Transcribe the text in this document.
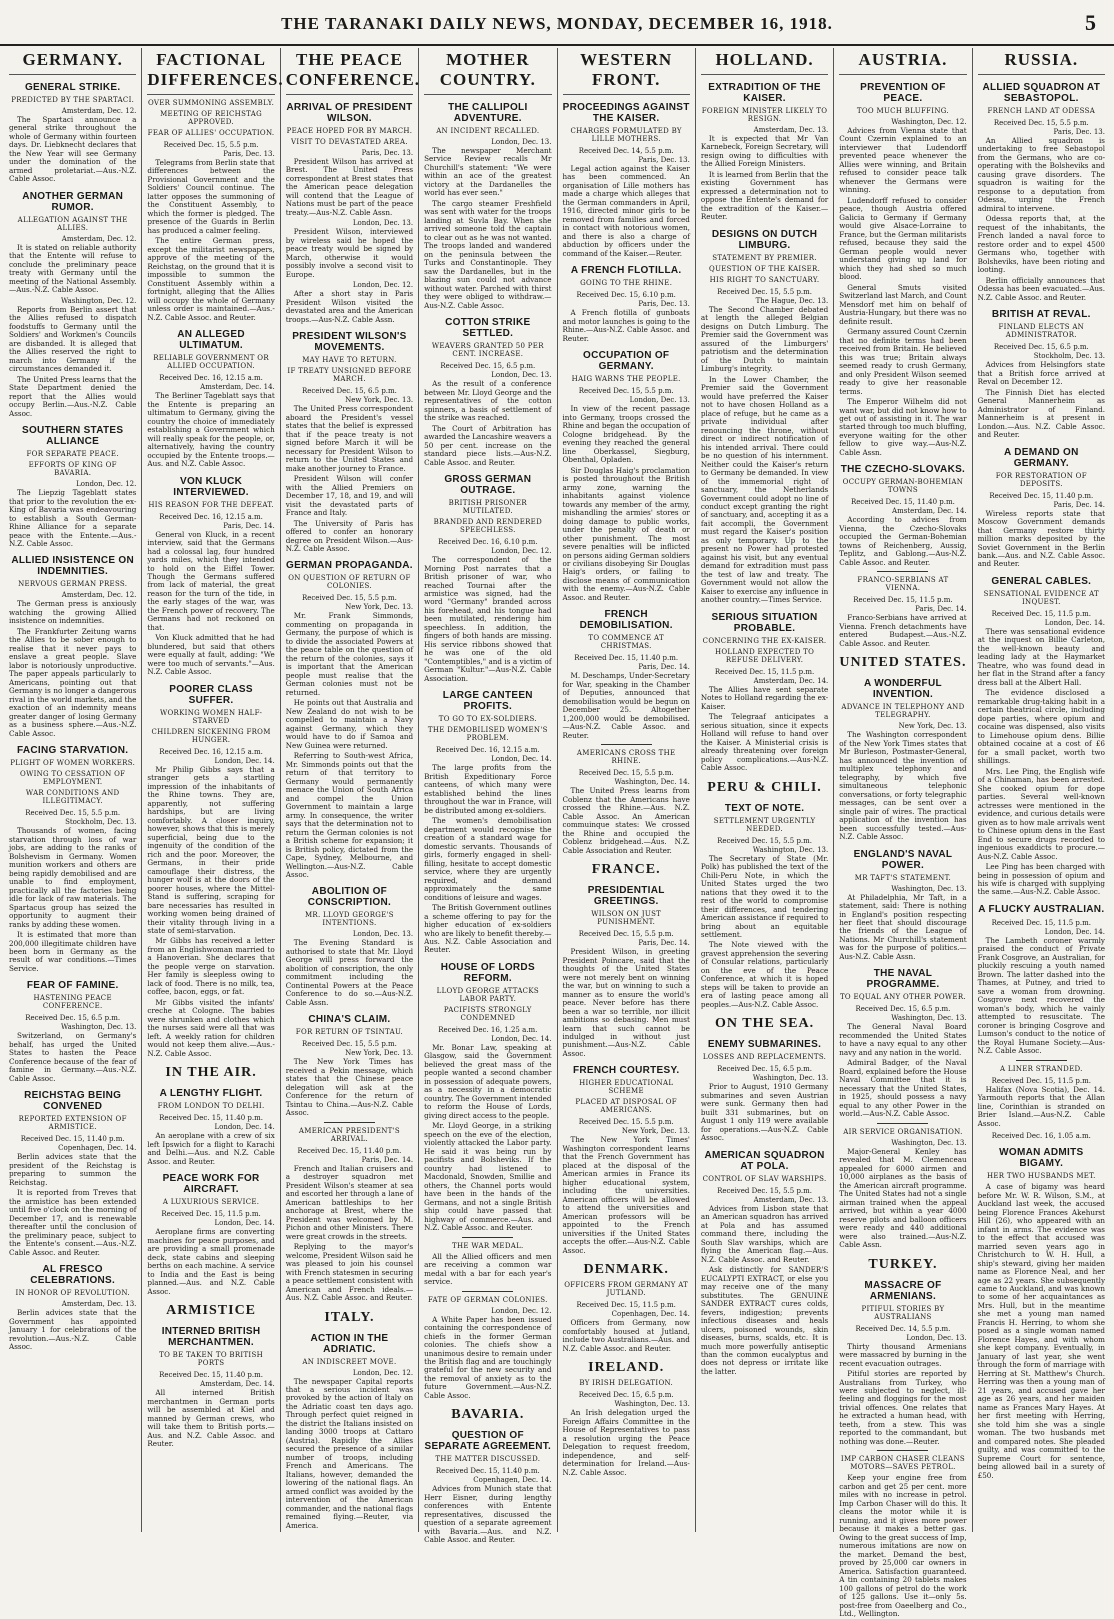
THE TARANAKI DAILY NEWS, MONDAY, DECEMBER 16, 1918.	5
GERMANY.
GENERAL STRIKE.
PREDICTED BY THE SPARTACI.
Amsterdam, Dec. 12.
The Spartaci announce a general strike throughout the whole of Germany within fourteen days. Dr. Liebknecht declares that the New Year will see Germany under the domination of the armed proletariat.—Aus.-N.Z. Cable Assoc.
ANOTHER GERMAN RUMOR.
ALLEGATION AGAINST THE ALLIES.
Amsterdam, Dec. 12.
It is stated on reliable authority that the Entente will refuse to conclude the preliminary peace treaty with Germany until the meeting of the National Assembly.—Aus.-N.Z. Cable Assoc.
Washington, Dec. 12.
Reports from Berlin assert that the Allies refused to dispatch foodstuffs to Germany until the Soldiers' and Workmen's Councils are disbanded. It is alleged that the Allies reserved the right to march into Germany if the circumstances demanded it.
The United Press learns that the State Department denied the report that the Allies would occupy Berlin.—Aus.-N.Z. Cable Assoc.
SOUTHERN STATES ALLIANCE
FOR SEPARATE PEACE.
EFFORTS OF KING OF BAVARIA.
London, Dec. 12.
The Liepzig Tageblatt states that prior to the revolution the ex-King of Bavaria was endeavouring to establish a South German-Rhine Alliance for a separate peace with the Entente.—Aus.-N.Z. Cable Assoc.
ALLIED INSISTENCE ON INDEMNITIES.
NERVOUS GERMAN PRESS.
Amsterdam, Dec. 12.
The German press is anxiously watching the growing Allied insistence on indemnities.
The Frankfurter Zeitung warns the Allies to be sober enough to realise that it never pays to enslave a great people. Slave labor is notoriously unproductive. The paper appeals particularly to Americans, pointing out that Germany is no longer a dangerous rival in the world markets, and the exaction of an indemnity means greater danger of losing Germany as a business sphere.—Aus.-N.Z. Cable Assoc.
FACING STARVATION.
PLIGHT OF WOMEN WORKERS.
OWING TO CESSATION OF EMPLOYMENT.
WAR CONDITIONS AND ILLEGITIMACY.
Received Dec. 15, 5.5 p.m.
Stockholm, Dec. 13.
Thousands of women, facing starvation through loss of war jobs, are adding to the ranks of Bolshevism in Germany. Women munition workers and others are being rapidly demobilised and are unable to find employment, practically all the factories being idle for lack of raw materials. The Spartacus group has seized the opportunity to augment their ranks by adding these women.
It is estimated that more than 200,000 illegitimate children have been born in Germany as the result of war conditions.—Times Service.
FEAR OF FAMINE.
HASTENING PEACE CONFERENCE.
Received Dec. 15, 6.5 p.m.
Washington, Dec. 13.
Switzerland, on Germany's behalf, has urged the United States to hasten the Peace Conference because of the fear of famine in Germany.—Aus.-N.Z. Cable Assoc.
REICHSTAG BEING CONVENED
REPORTED EXTENSION OF ARMISTICE.
Received Dec. 15, 11.40 p.m.
Copenhagen, Dec. 14.
Berlin advices state that the president of the Reichstag is preparing to summon the Reichstag.
It is reported from Treves that the armistice has been extended until five o'clock on the morning of December 17, and is renewable thereafter until the conclusion of the preliminary peace, subject to the Entente's consent.—Aus.-N.Z. Cable Assoc. and Reuter.
AL FRESCO CELEBRATIONS.
IN HONOR OF REVOLUTION.
Amsterdam, Dec. 13.
Berlin advices state that the Government has appointed January 1 for celebrations of the revolution.—Aus.-N.Z. Cable Assoc.
FACTIONAL DIFFERENCES.
OVER SUMMONING ASSEMBLY.
MEETING OF REICHSTAG APPROVED.
FEAR OF ALLIES' OCCUPATION.
Received Dec. 15, 5.5 p.m.
Paris, Dec. 13.
Telegrams from Berlin state that differences between the Provisional Government and the Soldiers' Council continue. The latter opposes the summoning of the Constituent Assembly, to which the former is pledged. The presence of the Guards in Berlin has produced a calmer feeling.
The entire German press, except the militarist newspapers, approve of the meeting of the Reichstag, on the ground that it is impossible to summon the Constituent Assembly within a fortnight, alleging that the Allies will occupy the whole of Germany unless order is maintained.—Aus.-N.Z. Cable Assoc. and Reuter.
AN ALLEGED ULTIMATUM.
RELIABLE GOVERNMENT OR ALLIED OCCUPATION.
Received Dec. 16, 12.15 a.m.
Amsterdam, Dec. 14.
The Berliner Tageblatt says that the Entente is preparing an ultimatum to Germany, giving the country the choice of immediately establishing a Government which will really speak for the people, or, alternatively, having the country occupied by the Entente troops.—Aus. and N.Z. Cable Assoc.
VON KLUCK INTERVIEWED.
HIS REASON FOR THE DEFEAT.
Received Dec. 16, 12.15 a.m.
Paris, Dec. 14.
General von Kluck, in a recent interview, said that the Germans had a colossal lag, four hundred yards miles, which they intended to hold on the Eiffel Tower. Though the Germans suffered from lack of material, the great reason for the turn of the tide, in the early stages of the war, was the French power of recovery. The Germans had not reckoned on that.
Von Kluck admitted that he had blundered, but said that others were equally at fault, adding: "We were too much of servants."—Aus. N.Z. Cable Assoc.
POORER CLASS SUFFER.
WORKING WOMEN HALF-STARVED
CHILDREN SICKENING FROM HUNGER.
Received Dec. 16, 12.15 a.m.
London, Dec. 14.
Mr Philip Gibbs says that a stranger gets a startling impression of the inhabitants of the Rhine towns. They are, apparently, not suffering hardships, but are living comfortably. A closer inquiry, however, shows that this is merely superficial, being due to the ingenuity of the condition of the rich and the poor. Moreover, the Germans, in their pride camouflage their distress, the hunger wolf is at the doors of the poorer houses, where the Mittel-Stand is suffering, scraping for bare necessaries has resulted in working women being drained of their vitality through living in a state of semi-starvation.
Mr Gibbs has received a letter from an Englishwoman married to a Hanoverian. She declares that the people verge on starvation. Her family is sleepless owing to lack of food. There is no milk, tea, coffee, bacon, eggs, or fat.
Mr Gibbs visited the infants' creche at Cologne. The babies were shrunken and clothes which the nurses said were all that was left. A weekly ration for children would not keep them alive.—Aus.-N.Z. Cable Assoc.
IN THE AIR.
A LENGTHY FLIGHT.
FROM LONDON TO DELHI.
Received Dec. 15, 11.40 p.m.
London, Dec. 14.
An aeroplane with a crew of six left Ipswich for a flight to Karachi and Delhi.—Aus. and N.Z. Cable Assoc. and Reuter.
PEACE WORK FOR AIRCRAFT.
A LUXURIOUS SERVICE.
Received Dec. 15, 11.5 p.m.
London, Dec. 14.
Aeroplane firms are converting machines for peace purposes, and are providing a small promenade deck, state cabins and sleeping berths on each machine. A service to India and the East is being planned.—Aus. and N.Z. Cable Assoc.
ARMISTICE
INTERNED BRITISH MERCHANTMEN.
TO BE TAKEN TO BRITISH PORTS
Received Dec. 15, 11.40 p.m.
Amsterdam, Dec. 14.
All interned British merchantmen in German ports will be assembled at Kiel and manned by German crews, who will take them to British ports.—Aus. and N.Z. Cable Assoc. and Reuter.
THE PEACE CONFERENCE.
ARRIVAL OF PRESIDENT WILSON.
PEACE HOPED FOR BY MARCH.
VISIT TO DEVASTATED AREA.
Paris, Dec. 13.
President Wilson has arrived at Brest. The United Press correspondent at Brest states that the American peace delegation will contend that the League of Nations must be part of the peace treaty.—Aus-N.Z. Cable Assn.
London, Dec. 13.
President Wilson, interviewed by wireless said he hoped the peace treaty would be signed by March, otherwise it would possibly involve a second visit to Europe.
London, Dec. 12.
After a short stay in Paris President Wilson visited the devastated area and the American troops.—Aus-N.Z. Cable Assn.
PRESIDENT WILSON'S MOVEMENTS.
MAY HAVE TO RETURN.
IF TREATY UNSIGNED BEFORE MARCH.
Received Dec. 15, 6.5 p.m.
New York, Dec. 13.
The United Press correspondent aboard the President's vessel states that the belief is expressed that if the peace treaty is not signed before March it will be necessary for President Wilson to return to the United States and make another journey to France.
President Wilson will confer with the Allied Premiers on December 17, 18, and 19, and will visit the devastated parts of France and Italy.
The University of Paris has offered to confer an honorary degree on President Wilson.—Aus-N.Z. Cable Assoc.
GERMAN PROPAGANDA.
ON QUESTION OF RETURN OF COLONIES.
Received Dec. 15, 5.5 p.m.
New York, Dec. 13.
Mr. Frank Simmonds, commenting on propaganda in Germany, the purpose of which is to divide the associated Powers at the peace table on the question of the return of the colonies, says it is important that the American people must realise that the German colonies must not be returned.
He points out that Australia and New Zealand do not wish to be compelled to maintain a Navy against Germany, which they would have to do if Samoa and New Guinea were returned.
Referring to South-west Africa, Mr. Simmonds points out that the return of that territory to Germany would permanently menace the Union of South Africa and compel the Union Government to maintain a large army. In consequence, the writer says that the determination not to return the German colonies is not a British scheme for expansion; it is British policy, dictated from the Cape, Sydney, Melbourne, and Wellington.—Aus-N.Z. Cable Assoc.
ABOLITION OF CONSCRIPTION.
MR. LLOYD GEORGE'S INTENTIONS.
London, Dec. 13.
The Evening Standard is authorised to state that Mr. Lloyd George will press forward the abolition of conscription, the only commitment including the Continental Powers at the Peace Conference to do so.—Aus-N.Z. Cable Assn.
CHINA'S CLAIM.
FOR RETURN OF TSINTAU.
Received Dec. 15, 5.5 p.m.
New York, Dec. 13.
The New York Times has received a Pekin message, which states that the Chinese peace delegation will ask at the Conference for the return of Tsintau to China.—Aus-N.Z. Cable Assoc.
AMERICAN PRESIDENT'S ARRIVAL.
Received Dec. 15, 11.40 p.m.
Paris, Dec. 14.
French and Italian cruisers and a destroyer squadron met President Wilson's steamer at sea and escorted her through a lane of American battleships to her anchorage at Brest, where the President was welcomed by M. Pichon and other Ministers. There were great crowds in the streets.
Replying to the mayor's welcome, President Wilson said he was pleased to join his counsel with French statesmen in securing a peace settlement consistent with American and French ideals.—Aus. N.Z. Cable Assoc. and Reuter.
ITALY.
ACTION IN THE ADRIATIC.
AN INDISCREET MOVE.
London, Dec. 12.
The newspaper Capital reports that a serious incident was provoked by the action of Italy on the Adriatic coast ten days ago. Through perfect quiet reigned in the district the Italians insisted on landing 3000 troops at Cattaro (Austria). Rapidly the Allies secured the presence of a similar number of troops, including French and Americans. The Italians, however, demanded the lowering of the national flags. An armed conflict was avoided by the intervention of the American commander, and the national flags remained flying.—Reuter, via America.
MOTHER COUNTRY.
THE CALLIPOLI ADVENTURE.
AN INCIDENT RECALLED.
London, Dec. 13.
The newspaper Merchant Service Review recalls Mr Churchill's statement: "We were within an ace of the greatest victory at the Dardanelles the world has ever seen."
The cargo steamer Freshfield was sent with water for the troops landing at Suvla Bay. When she arrived someone told the captain to clear out as he was not wanted. The troops landed and wandered on the peninsula between the Turks and Constantinople. They saw the Dardanelles, but in the blazing sun could not advance without water. Parched with thirst they were obliged to withdraw.—Aus-N.Z. Cable Assoc.
COTTON STRIKE SETTLED.
WEAVERS GRANTED 50 PER CENT. INCREASE.
Received Dec. 15, 6.5 p.m.
London, Dec. 13.
As the result of a conference between Mr. Lloyd George and the representatives of the cotton spinners, a basis of settlement of the strike was reached.
The Court of Arbitration has awarded the Lancashire weavers a 50 per cent. increase on the standard piece lists.—Aus-N.Z. Cable Assoc. and Reuter.
GROSS GERMAN OUTRAGE.
BRITISH PRISONER MUTILATED.
BRANDED AND RENDERED SPEECHLESS.
Received Dec. 16, 6.10 p.m.
London, Dec. 12.
The correspondent of the Morning Post narrates that a British prisoner of war, who reached Tournai after the armistice was signed, had the word "Germany" branded across his forehead, and his tongue had been mutilated, rendering him speechless. In addition, the fingers of both hands are missing. His service ribbons showed that he was one of the old "Contemptibles," and is a victim of German "Kultur."—Aus-N.Z. Cable Association.
LARGE CANTEEN PROFITS.
TO GO TO EX-SOLDIERS.
THE DEMOBILISED WOMEN'S PROBLEM.
Received Dec. 16, 12.15 a.m.
London, Dec. 14.
The large profits from the British Expeditionary Force canteens, of which many were established behind the lines throughout the war in France, will be distributed among ex-soldiers.
The women's demobilisation department would recognise the creation of a standard wage for domestic servants. Thousands of girls, formerly engaged in shell-filling, hesitate to accept domestic service, where they are urgently required, and demand approximately the same conditions of leisure and wages.
The British Government outlines a scheme offering to pay for the higher education of ex-soldiers who are likely to benefit thereby.—Aus. N.Z. Cable Association and Reuter.
HOUSE OF LORDS REFORM.
LLOYD GEORGE ATTACKS LABOR PARTY.
PACIFISTS STRONGLY CONDEMNED
Received Dec. 16, 1.25 a.m.
London, Dec. 14.
Mr. Bonar Law, speaking at Glasgow, said the Government believed the great mass of the people wanted a second chamber in possession of adequate powers, as a necessity in a democratic country. The Government intended to reform the House of Lords, giving direct access to the people.
Mr. Lloyd George, in a striking speech on the eve of the election, violently attacked the Labor party. He said it was being run by pacifists and Bolsheviks. If the country had listened to Macdonald, Snowden, Smillie and others, the Channel ports would have been in the hands of the Germans, and not a single British ship could have passed that highway of commerce.—Aus. and N.Z. Cable Assoc. and Reuter.
THE WAR MEDAL.
All the Allied officers and men are receiving a common war medal with a bar for each year's service.
FATE OF GERMAN COLONIES.
London, Dec. 12.
A White Paper has been issued containing the correspondence of chiefs in the former German colonies. The chiefs show a unanimous desire to remain under the British flag and are touchingly grateful for the new security and the removal of anxiety as to the future Government.—Aus-N.Z. Cable Assoc.
BAVARIA.
QUESTION OF SEPARATE AGREEMENT.
THE MATTER DISCUSSED.
Received Dec. 15, 11.40 p.m.
Copenhagen, Dec. 14.
Advices from Munich state that Herr Eisner, during lengthy conferences with Entente representatives, discussed the question of a separate agreement with Bavaria.—Aus. and N.Z. Cable Assoc. and Reuter.
WESTERN FRONT.
PROCEEDINGS AGAINST THE KAISER.
CHARGES FORMULATED BY LILLE MOTHERS.
Received Dec. 14, 5.5 p.m.
Paris, Dec. 13.
Legal action against the Kaiser has been commenced. An organisation of Lille mothers has made a charge which alleges that the German commanders in April, 1916, directed minor girls to be removed from families and forced in contact with notorious women, and there is also a charge of abduction by officers under the command of the Kaiser.—Reuter.
A FRENCH FLOTILLA.
GOING TO THE RHINE.
Received Dec. 15, 6.10 p.m.
Paris, Dec. 13.
A French flotilla of gunboats and motor launches is going to the Rhine.—Aus-N.Z. Cable Assoc. and Reuter.
OCCUPATION OF GERMANY.
HAIG WARNS THE PEOPLE.
Received Dec. 15, 5.5 p.m.
London, Dec. 13.
In view of the recent passage into Germany, troops crossed the Rhine and began the occupation of Cologne bridgehead. By the evening they reached the general line Oberkassel, Siegburg, Obenthal, Opladen.
Sir Douglas Haig's proclamation is posted throughout the British army zone, warning the inhabitants against violence towards any member of the army, mishandling the armies' stores or doing damage to public works, under the penalty of death or other punishment. The most severe penalties will be inflicted on persons aiding German soldiers or civilians disobeying Sir Douglas Haig's orders, or failing to disclose means of communication with the enemy.—Aus-N.Z. Cable Assoc. and Reuter.
FRENCH DEMOBILISATION.
TO COMMENCE AT CHRISTMAS.
Received Dec. 15, 11.40 p.m.
Paris, Dec. 14.
M. Deschamps, Under-Secretary for War, speaking in the Chamber of Deputies, announced that demobilisation would be begun on December 25. Altogether 1,200,000 would be demobilised.—Aus-N.Z. Cable Assoc. and Reuter.
AMERICANS CROSS THE RHINE.
Received Dec. 15, 5.5 p.m.
Washington, Dec. 14.
The United Press learns from Coblenz that the Americans have crossed the Rhine.—Aus. N.Z. Cable Assoc. An American commuinque states: We crossed the Rhine and occupied the Coblenz bridgehead.—Aus. N.Z. Cable Association and Reuter.
FRANCE.
PRESIDENTIAL GREETINGS.
WILSON ON JUST PUNISHMENT.
Received Dec. 15, 5.5 p.m.
Paris, Dec. 14.
President Wilson, in greeting President Poincare, said that the thoughts of the United States were not merely bent on winning the war, but on winning to such a manner as to ensure the world's peace. Never before has there been a war so terrible, nor illicit ambitions so debasing. Men must learn that such cannot be indulged in without just punishment.—Aus-N.Z. Cable Assoc.
FRENCH COURTESY.
HIGHER EDUCATIONAL SCHEME
PLACED AT DISPOSAL OF AMERICANS.
Received Dec. 15. 5.5 p.m.
New York, Dec. 13.
The New York Times' Washington correspondent learns that the French Government has placed at the disposal of the American armies in France its higher educational system, including the universities. American officers will be allowed to attend the universities and American professors will be appointed to the French universities if the United States accepts the offer.—Aus-N.Z. Cable Assoc.
DENMARK.
OFFICERS FROM GERMANY AT JUTLAND.
Received Dec. 15, 11.5 p.m.
Copenhagen, Dec. 14.
Officers from Germany, now comfortably housed at Jutland, include two Australians.—Aus. and N.Z. Cable Assoc. and Reuter.
IRELAND.
BY IRISH DELEGATION.
Received Dec. 15, 6.5 p.m.
Washington, Dec. 13.
An Irish delegation urged the Foreign Affairs Committee in the House of Representatives to pass a resolution urging the Peace Delegation to request freedom, independence, and self-determination for Ireland.—Aus-N.Z. Cable Assoc.
HOLLAND.
EXTRADITION OF THE KAISER.
FOREIGN MINISTER LIKELY TO RESIGN.
Amsterdam, Dec. 13.
It is expected that Mr Van Karnebeck, Foreign Secretary, will resign owing to difficulties with the Allied Foreign Ministers.
It is learned from Berlin that the existing Government has expressed a determination not to oppose the Entente's demand for the extradition of the Kaiser.—Reuter.
DESIGNS ON DUTCH LIMBURG.
STATEMENT BY PREMIER.
QUESTION OF THE KAISER.
HIS RIGHT TO SANCTUARY.
Received Dec. 15, 5.5 p.m.
The Hague, Dec. 13.
The Second Chamber debated at length the alleged Belgian designs on Dutch Limburg. The Premier said the Government was assured of the Limburgers' patriotism and the determination of the Dutch to maintain Limburg's integrity.
In the Lower Chamber, the Premier said the Government would have preferred the Kaiser not to have chosen Holland as a place of refuge, but he came as a private individual after renouncing the throne, without direct or indirect notification of his intended arrival. There could be no question of his internment. Neither could the Kaiser's return to Germany be demanded. In view of the immemorial right of sanctuary, the Netherlands Government could adopt no line of conduct except granting the right of sanctuary, and, accepting it as a fait accompli, the Government must regard the Kaiser's position as only temporary. Up to the present no Power had protested against his visit, but any eventual demand for extradition must pass the test of law and treaty. The Government would not allow the Kaiser to exercise any influence in another country.—Times Service.
SERIOUS SITUATION PROBABLE.
CONCERNING THE EX-KAISER.
HOLLAND EXPECTED TO REFUSE DELIVERY.
Received Dec. 15, 11.5 p.m.
Amsterdam, Dec. 14.
The Allies have sent separate Notes to Holland regarding the ex-Kaiser.
The Telegraaf anticipates a serious situation, since it expects Holland will refuse to hand over the Kaiser. A Ministerial crisis is already threatening over foreign policy complications.—Aus-N.Z. Cable Assoc.
PERU & CHILI.
TEXT OF NOTE.
SETTLEMENT URGENTLY NEEDED.
Received Dec. 15, 5.5 p.m.
Washington, Dec. 13.
The Secretary of State (Mr. Polk) has published the text of the Chili-Peru Note, in which the United States urged the two nations that they owed it to the rest of the world to compromise their differences, and tendering American assistance if required to bring about an equitable settlement.
The Note viewed with the gravest apprehension the severing of Consular relations, particularly on the eve of the Peace Conference, at which it is hoped steps will be taken to provide an era of lasting peace among all peoples.—Aus-N.Z. Cable Assoc.
ON THE SEA.
ENEMY SUBMARINES.
LOSSES AND REPLACEMENTS.
Received Dec. 15, 6.5 p.m.
Washington, Dec. 13.
Prior to August, 1910 Germany submarines and seven Austrian were sunk. Germany then had built 331 submarines, but on August 1 only 119 were available for operations.—Aus-N.Z. Cable Assoc.
AMERICAN SQUADRON AT POLA.
CONTROL OF SLAV WARSHIPS.
Received Dec. 15, 5.5 p.m.
Amsterdam, Dec. 13.
Advices from Lisbon state that an American squadron has arrived at Pola and has assumed command there, including the South Slav warships, which are flying the American flag.—Aus. N.Z. Cable Assoc. and Reuter.
Ask distinctly for SANDER'S EUCALYPTI EXTRACT, or else you may receive one of the many substitutes. The GENUINE SANDER EXTRACT cures colds, fevers, indigestion; prevents infectious diseases and heals ulcers, poisoned wounds, skin diseases, burns, scalds, etc. It is much more powerfully antiseptic than the common eucalyptus and does not depress or irritate like the latter.
AUSTRIA.
PREVENTION OF PEACE.
TOO MUCH BLUFFING.
Washington, Dec. 12.
Advices from Vienna state that Count Czernin explained to an interviewer that Ludendorff prevented peace whenever the Allies were winning, and Britain refused to consider peace talk whenever the Germans were winning.
Ludendorff refused to consider peace, though Austria offered Galicia to Germany if Germany would give Alsace-Lorraine to France, but the German militarists refused, because they said the German people would never understand giving up land for which they had shed so much blood.
General Smuts visited Switzerland last March, and Count Mensdorf met him on behalf of Austria-Hungary, but there was no definite result.
Germany assured Count Czernin that no definite terms had been received from Britain. He believed this was true; Britain always seemed ready to crush Germany, and only President Wilson seemed ready to give her reasonable terms.
The Emperor Wilhelm did not want war, but did not know how to get out of assisting in it. The war started through too much bluffing, everyone waiting for the other fellow to give way.—Aus-N.Z. Cable Assn.
THE CZECHO-SLOVAKS.
OCCUPY GERMAN-BOHEMIAN TOWNS
Received Dec. 15, 11.40 p.m.
Amsterdam, Dec. 14.
According to advices from Vienna, the Czecho-Slovaks occupied the German-Bohemian towns of Reichenberg, Aussig, Teplitz, and Gablong.—Aus-N.Z. Cable Assoc. and Reuter.
FRANCO-SERBIANS AT VIENNA.
Received Dec. 15, 11.5 p.m.
Paris, Dec. 14.
Franco-Serbians have arrived at Vienna. French detachments have entered Budapest.—Aus.-N.Z. Cable Assoc. and Reuter.
UNITED STATES.
A WONDERFUL INVENTION.
ADVANCE IN TELEPHONY AND TELEGRAPHY.
New York, Dec. 13.
The Washington correspondent of the New York Times states that Mr Burleson, Postmaster-General, has announced the invention of multiplex telephony and telegraphy, by which five simultaneous telephonic conversations, or forty telegraphic messages, can be sent over a single pair of wires. The practical application of the invention has been successfully tested.—Aus-N.Z. Cable Assoc.
ENGLAND'S NAVAL POWER.
MR TAFT'S STATEMENT.
Washington, Dec. 13.
At Philadelphia, Mr Taft, in a statement, said: There is nothing in England's position respecting her fleet that should discourage the friends of the League of Nations. Mr Churchill's statement was for the purpose of politics.—Aus-N.Z. Cable Assn.
THE NAVAL PROGRAMME.
TO EQUAL ANY OTHER POWER.
Received Dec. 15, 6.5 p.m.
Washington, Dec. 13.
The General Naval Board recommended the United States to have a navy equal to any other navy and any nation in the world.
Admiral Badger, of the Naval Board, explained before the House Naval Committee that it is necessary that the United States, in 1925, should possess a navy equal to any other Power in the world.—Aus-N.Z. Cable Assoc.
AIR SERVICE ORGANISATION.
Washington, Dec. 13.
Major-General Kenley has revealed that M. Clemenceau appealed for 6000 airmen and 10,000 airplanes as the basis of the American aircraft programme. The United States had not a single airman trained when the appeal arrived, but within a year 4000 reserve pilots and balloon officers were ready and 440 additional were also trained.—Aus-N.Z. Cable Assn.
TURKEY.
MASSACRE OF ARMENIANS.
PITIFUL STORIES BY AUSTRALIANS
Received Dec. 14, 5.5 p.m.
London, Dec. 13.
Thirty thousand Armenians were massacred by burning in the recent evacuation outrages.
Pitiful stories are reported by Australians from Turkey, who were subjected to neglect, ill-feeling and floggings for the most trivial offences. One relates that he extracted a human head, with teeth, from a stew. This was reported to the commandant, but nothing was done.—Reuter.
IMP CARBON CHASER CLEANS MOTORS—SAVES PETROL.
Keep your engine free from carbon and get 25 per cent. more miles with no increase in petrol. Imp Carbon Chaser will do this. It cleans the motor while it is running, and it gives more power because it makes a better gas. Owing to the great success of Imp, numerous imitations are now on the market. Demand the best, proved by 25,000 car owners in America. Satisfaction guaranteed. A tin containing 20 tablets makes 100 gallons of petrol do the work of 125 gallons. Use it—only 5s. post-free from Oaeelberg and Co., Ltd., Wellington.
RUSSIA.
ALLIED SQUADRON AT SEBASTOPOL.
FRENCH LAND AT ODESSA
Received Dec. 15, 5.5 p.m.
Paris, Dec. 13.
An Allied squadron is undertaking to free Sebastopol from the Germans, who are co-operating with the Bolsheviks and causing grave disorders. The squadron is waiting for the response to a deputation from Odessa, urging the French admiral to intervene.
Odessa reports that, at the request of the inhabitants, the French landed a naval force to restore order and to expel 4500 Germans who, together with Bolsheviks, have been rioting and looting.
Berlin officially announces that Odessa has been evacuated.—Aus. N.Z. Cable Assoc. and Reuter.
BRITISH AT REVAL.
FINLAND ELECTS AN ADMINISTRATOR.
Received Dec. 15, 6.5 p.m.
Stockholm, Dec. 13.
Advices from Helsingfors state that a British force arrived at Reval on December 12.
The Finnish Diet has elected General Mannerheim as Administrator of Finland. Mannerheim is at present in London.—Aus. N.Z. Cable Assoc. and Reuter.
A DEMAND ON GERMANY.
FOR RESTORATION OF DEPOSITS.
Received Dec. 15, 11.40 p.m.
Paris, Dec. 14.
Wireless reports state that Moscow Government demands that Germany restore thirty million marks deposited by the Soviet Government in the Berlin bank.—Aus. and N.Z. Cable Assoc. and Reuter.
GENERAL CABLES.
SENSATIONAL EVIDENCE AT INQUEST.
Received Dec. 15, 11.5 p.m.
London, Dec. 14.
There was sensational evidence at the inquest on Billie Carleton, the well-known beauty and leading lady at the Haymarket Theatre, who was found dead in her flat in the Strand after a fancy dress ball at the Albert Hall.
The evidence disclosed a remarkable drug-taking habit in a certain theatrical circle, including dope parties, where opium and cocaine was dispensed, also visits to Limehouse opium dens. Billie obtained cocaine at a cost of £6 for a small packet, worth two shillings.
Mrs. Lee Ping, the English wife of a Chinaman, has been arrested. She cooked opium for dope parties. Several well-known actresses were mentioned in the evidence, and curious details were given as to how male arrivals went to Chinese opium dens in the East End to secure drugs recorded to ingenious exaddicts to procure.—Aus-N.Z. Cable Assoc.
Lee Ping has been charged with being in possession of opium and his wife is charged with supplying the same.—Aus-N.Z. Cable Assoc.
A FLUCKY AUSTRALIAN.
Received Dec. 15, 11.5 p.m.
London, Dec. 14.
The Lambeth coroner warmly praised the conduct of Private Frank Cosgrove, an Australian, for pluckily rescuing a youth named Brown. The latter dashed into the Thames, at Putney, and tried to save a woman from drowning. Cosgrove next recovered the woman's body, which he vainly attempted to resuscitate. The coroner is bringing Cosgrove and Lumson's conduct to the notice of the Royal Humane Society.—Aus-N.Z. Cable Assoc.
A LINER STRANDED.
Received Dec. 15, 11.5 p.m.
Halifax (Nova Scotia), Dec. 14. Yarmouth reports that the Allan line, Corinthian is stranded on Brier Island.—Aus-N.Z. Cable Assoc.
Received Dec. 16, 1.05 a.m.
WOMAN ADMITS BIGAMY.
HER TWO HUSBANDS MET.
A case of bigamy was heard before Mr. W. R. Wilson, S.M., at Auckland last week, the accused being Florence Frances Akehurst Hill (26), who appeared with an infant in arms. The evidence was to the effect that accused was married seven years ago in Christchurch to W. H. Hull, a ship's steward, giving her maiden name as Florence Neal, and her age as 22 years. She subsequently came to Auckland, and was known to some of her acquaintances as Mrs. Hull, but in the meantime she met a young man named Francis H. Herring, to whom she posed as a single woman named Florence Hayes, and with whom she kept company. Eventually, in January of last year, she went through the form of marriage with Herring at St. Matthew's Church. Herring was then a young man of 21 years, and accused gave her age as 26 years, and her maiden name as Frances Mary Hayes. At her first meeting with Herring, she told him she was a single woman. The two husbands met and compared notes. She pleaded guilty, and was committed to the Supreme Court for sentence, being allowed bail in a surety of £50.
